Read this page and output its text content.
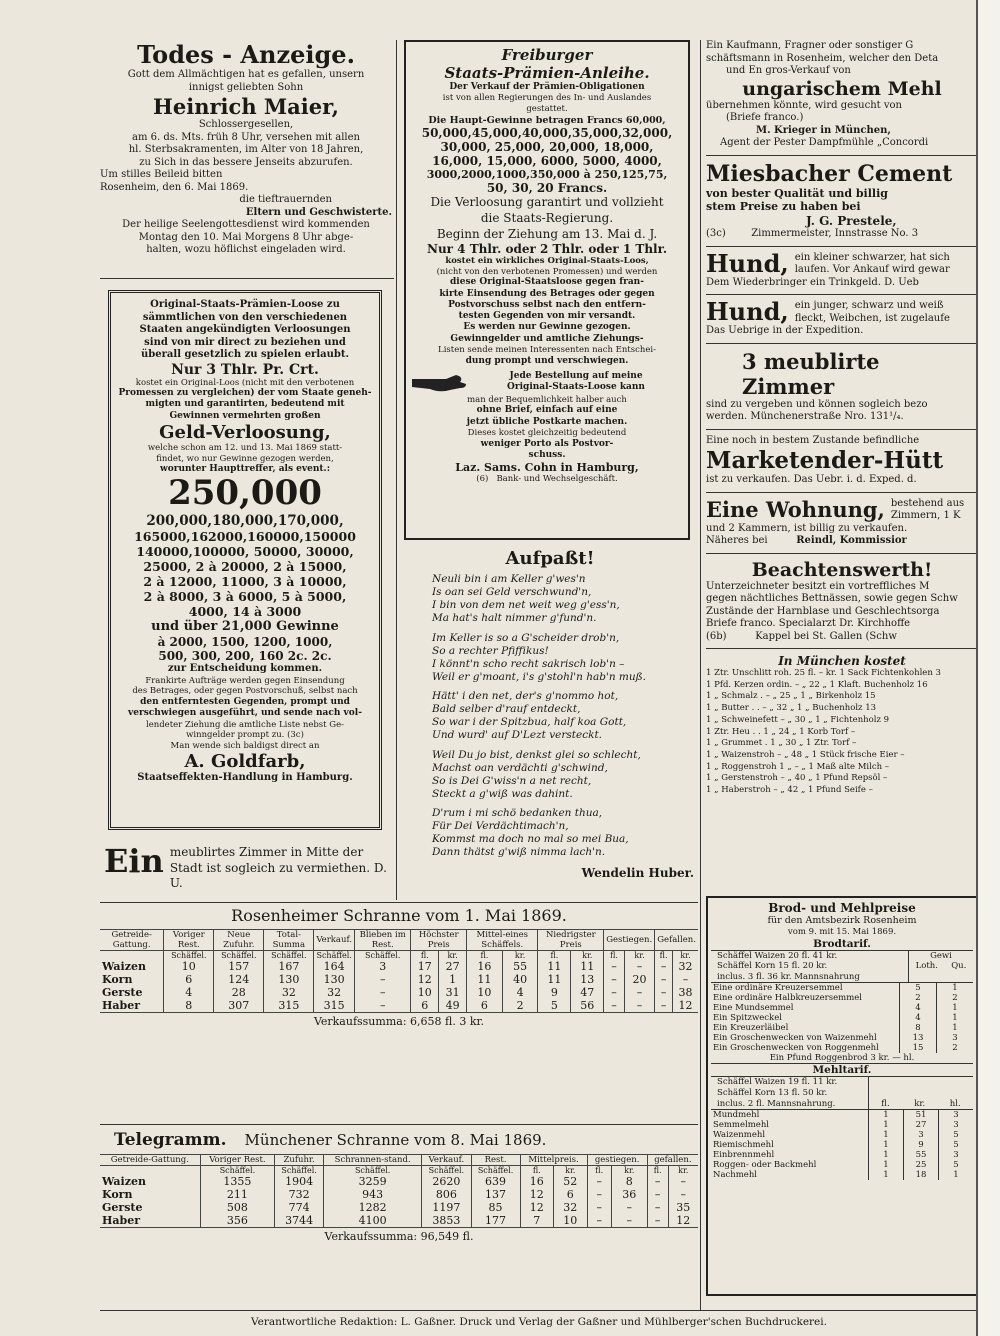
Todes - Anzeige.
Gott dem Allmächtigen hat es gefallen, unsern
innigst geliebten Sohn
Heinrich Maier,
Schlossergesellen,
am 6. ds. Mts. früh 8 Uhr, versehen mit allen
hl. Sterbsakramenten, im Alter von 18 Jahren,
zu Sich in das bessere Jenseits abzurufen.
Um stilles Beileid bitten
Rosenheim, den 6. Mai 1869.
die tieftrauernden
Eltern und Geschwisterte.
Der heilige Seelengottesdienst wird kommenden
Montag den 10. Mai Morgens 8 Uhr abge-
halten, wozu höflichst eingeladen wird.
Original-Staats-Prämien-Loose zu
sämmtlichen von den verschiedenen
Staaten angekündigten Verloosungen
sind von mir direct zu beziehen und
überall gesetzlich zu spielen erlaubt.
Nur 3 Thlr. Pr. Crt.
kostet ein Original-Loos (nicht mit den verbotenen
Promessen zu vergleichen) der vom Staate geneh-
migten und garantirten, bedeutend mit
Gewinnen vermehrten großen
Geld-Verloosung,
welche schon am 12. und 13. Mai 1869 statt-
findet, wo nur Gewinne gezogen werden,
worunter Haupttreffer, als event.:
250,000
200,000,180,000,170,000,
165000,162000,160000,150000
140000,100000, 50000, 30000,
25000, 2 à 20000, 2 à 15000,
2 à 12000, 11000, 3 à 10000,
2 à 8000, 3 à 6000, 5 à 5000,
4000, 14 à 3000
und über 21,000 Gewinne
à 2000, 1500, 1200, 1000,
500, 300, 200, 160 2c. 2c.
zur Entscheidung kommen.
Frankirte Aufträge werden gegen Einsendung
des Betrages, oder gegen Postvorschuß, selbst nach
den entferntesten Gegenden, prompt und
verschwiegen ausgeführt, und sende nach vol-
lendeter Ziehung die amtliche Liste nebst Ge-
winngelder prompt zu. (3c)
Man wende sich baldigst direct an
A. Goldfarb,
Staatseffekten-Handlung in Hamburg.
Ein meublirtes Zimmer in Mitte der
Stadt ist sogleich zu vermiethen. D. U.
Freiburger
Staats-Prämien-Anleihe.
Der Verkauf der Prämien-Obligationen
ist von allen Regierungen des In- und Auslandes
gestattet.
Die Haupt-Gewinne betragen Francs 60,000,
50,000,45,000,40,000,35,000,32,000,
30,000, 25,000, 20,000, 18,000,
16,000, 15,000, 6000, 5000, 4000,
3000,2000,1000,350,000 à 250,125,75,
50, 30, 20 Francs.
Die Verloosung garantirt und vollzieht
die Staats-Regierung.
Beginn der Ziehung am 13. Mai d. J.
Nur 4 Thlr. oder 2 Thlr. oder 1 Thlr.
kostet ein wirkliches Original-Staats-Loos,
(nicht von den verbotenen Promessen) und werden
diese Original-Staatsloose gegen fran-
kirte Einsendung des Betrages oder gegen
Postvorschuss selbst nach den entfern-
testen Gegenden von mir versandt.
Es werden nur Gewinne gezogen.
Gewinngelder und amtliche Ziehungs-
Listen sende meinen Interessenten nach Entschei-
dung prompt und verschwiegen.
Jede Bestellung auf meine
Original-Staats-Loose kann
man der Bequemlichkeit halber auch
ohne Brief, einfach auf eine
jetzt übliche Postkarte machen.
Dieses kostet gleichzeitig bedeutend
weniger Porto als Postvor-
schuss.
Laz. Sams. Cohn in Hamburg,
(6) Bank- und Wechselgeschäft.
Aufpaßt!
Neuli bin i am Keller g'wes'n
Is oan sei Geld verschwund'n,
I bin von dem net weit weg g'ess'n,
Ma hat's halt nimmer g'fund'n.
Im Keller is so a G'scheider drob'n,
So a rechter Pfiffikus!
I könnt'n scho recht sakrisch lob'n –
Weil er g'moant, i's g'stohl'n hab'n muß.
Hätt' i den net, der's g'nommo hot,
Bald selber d'rauf entdeckt,
So war i der Spitzbua, half koa Gott,
Und wurd' auf D'Lezt versteckt.
Weil Du jo bist, denkst glei so schlecht,
Machst oan verdächti g'schwind,
So is Dei G'wiss'n a net recht,
Steckt a g'wiß was dahint.
D'rum i mi schö bedanken thua,
Für Dei Verdächtimach'n,
Kommst ma doch no mal so mei Bua,
Dann thätst g'wiß nimma lach'n.
Wendelin Huber.
Ein Kaufmann, Fragner oder sonstiger G
schäftsmann in Rosenheim, welcher den Deta
und En gros-Verkauf von
ungarischem Mehl
übernehmen könnte, wird gesucht von
(Briefe franco.)
M. Krieger in München,
Agent der Pester Dampfmühle „Concordi
Miesbacher Cement
von bester Qualität und billig
stem Preise zu haben bei
J. G. Prestele,
(3c)	Zimmermeister, Innstrasse No. 3
Hund, ein kleiner schwarzer, hat sich
laufen. Vor Ankauf wird gewar
Dem Wiederbringer ein Trinkgeld. D. Ueb
Hund, ein junger, schwarz und weiß
fleckt, Weibchen, ist zugelaufe
Das Uebrige in der Expedition.
3 meublirte Zimmer
sind zu vergeben und können sogleich bezo
werden. Münchenerstraße Nro. 131¹/₄.
Eine noch in bestem Zustande befindliche
Marketender-Hütt
ist zu verkaufen. Das Uebr. i. d. Exped. d.
Eine Wohnung, bestehend aus
Zimmern, 1 K
und 2 Kammern, ist billig zu verkaufen.
Näheres bei	Reindl, Kommissior
Beachtenswerth!
Unterzeichneter besitzt ein vortreffliches M
gegen nächtliches Bettnässen, sowie gegen Schw
Zustände der Harnblase und Geschlechtsorga
Briefe franco. Specialarzt Dr. Kirchhoffe
(6b)	Kappel bei St. Gallen (Schw
In München kostet
1 Ztr. Unschlitt roh. 25 fl. – kr. 1 Sack Fichtenkohlen 3
1 Pfd. Kerzen ordin. – „ 22 „ 1 Klaft. Buchenholz 16
1 „ Schmalz . – „ 25 „ 1 „ Birkenholz 15
1 „ Butter . . – „ 32 „ 1 „ Buchenholz 13
1 „ Schweinefett – „ 30 „ 1 „ Fichtenholz 9
1 Ztr. Heu . . 1 „ 24 „ 1 Korb Torf –
1 „ Grummet . 1 „ 30 „ 1 Ztr. Torf –
1 „ Waizenstroh – „ 48 „ 1 Stück frische Eier –
1 „ Roggenstroh 1 „ – „ 1 Maß alte Milch –
1 „ Gerstenstroh – „ 40 „ 1 Pfund Repsöl –
1 „ Haberstroh – „ 42 „ 1 Pfund Seife –
Brod- und Mehlpreise
für den Amtsbezirk Rosenheim
vom 9. mit 15. Mai 1869.
Brodtarif.
Schäffel Waizen 20 fl. 41 kr.
Schäffel Korn 15 fl. 20 kr.
inclus. 3 fl. 36 kr. Mannsnahrung
Gewi
Loth. Qu.
Eine ordinäre Kreuzersemmel	5	1
Eine ordinäre Halbkreuzersemmel	2	2
Eine Mundsemmel	4	1
Ein Spitzweckel	4	1
Ein Kreuzerläibel	8	1
Ein Groschenwecken von Waizenmehl	13	3
Ein Groschenwecken von Roggenmehl	15	2
Ein Pfund Roggenbrod 3 kr. — hl.
Mehltarif.
Schäffel Waizen 19 fl. 11 kr.
Schäffel Korn 13 fl. 50 kr.
inclus. 2 fl. Mannsnahrung.	fl.	kr.	hl.
Mundmehl	1	51	3
Semmelmehl	1	27	3
Waizenmehl	1	3	5
Riemischmehl	1	9	5
Einbrennmehl	1	55	3
Roggen- oder Backmehl	1	25	5
Nachmehl	1	18	1
Rosenheimer Schranne vom 1. Mai 1869.
Getreide-Gattung.	Voriger Rest.	Neue Zufuhr.	Total-Summa	Verkauf.	Blieben im Rest.	Höchster Preis		Mittel-eines Schäffels.		Niedrigster Preis		Gestiegen.		Gefallen.	
	Schäffel.	Schäffel.	Schäffel.	Schäffel.	Schäffel.	fl.	kr.	fl.	kr.	fl.	kr.	fl.	kr.	fl.	kr.
Waizen	10	157	167	164	3	17	27	16	55	11	11	–	–	–	32
Korn	6	124	130	130	–	12	1	11	40	11	13	–	20	–	–
Gerste	4	28	32	32	–	10	31	10	4	9	47	–	–	–	38
Haber	8	307	315	315	–	6	49	6	2	5	56	–	–	–	12
Verkaufssumma: 6,658 fl. 3 kr.
Telegramm. Münchener Schranne vom 8. Mai 1869.
Getreide-Gattung.	Voriger Rest.	Zufuhr.	Schrannen-stand.	Verkauf.	Rest.	Mittelpreis.		gestiegen.		gefallen.	
	Schäffel.	Schäffel.	Schäffel.	Schäffel.	Schäffel.	fl.	kr.	fl.	kr.	fl.	kr.
Waizen	1355	1904	3259	2620	639	16	52	–	8	–	–
Korn	211	732	943	806	137	12	6	–	36	–	–
Gerste	508	774	1282	1197	85	12	32	–	–	–	35
Haber	356	3744	4100	3853	177	7	10	–	–	–	12
Verkaufssumma: 96,549 fl.
Verantwortliche Redaktion: L. Gaßner. Druck und Verlag der Gaßner und Mühlberger'schen Buchdruckerei.
